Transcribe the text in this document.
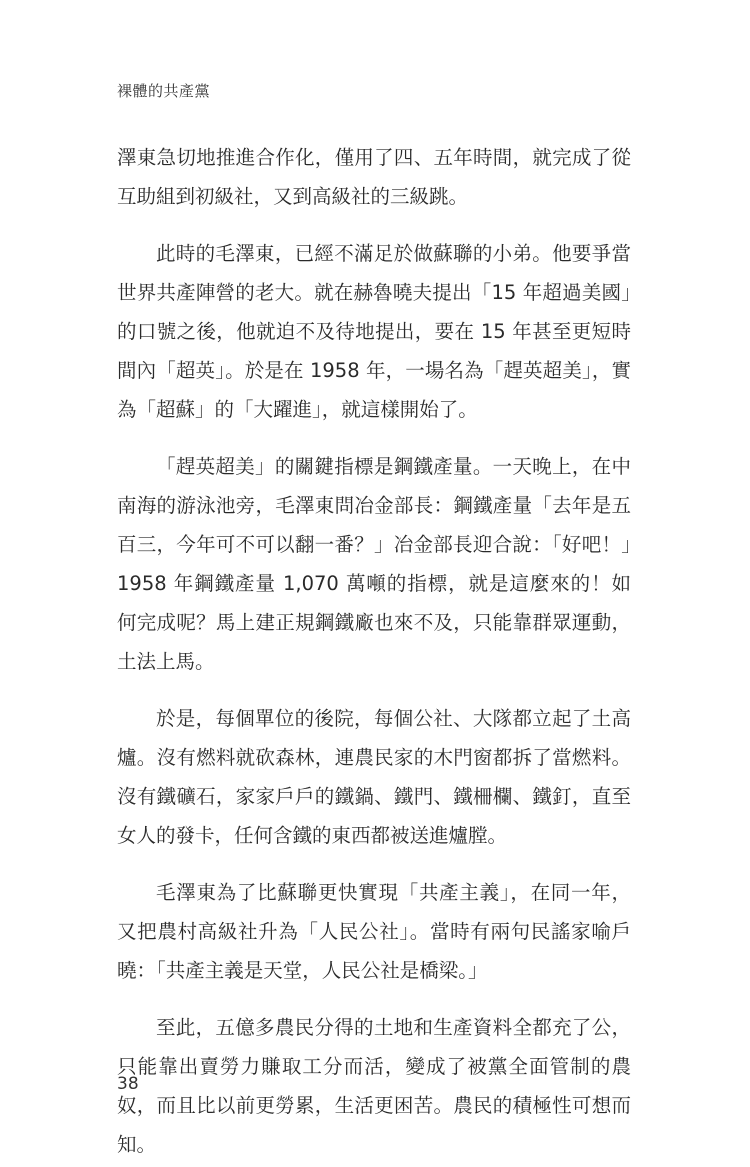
裸體的共產黨

澤東急切地推進合作化，僅用了四、五年時間，就完成了從互助組到初級社，又到高級社的三級跳。

此時的毛澤東，已經不滿足於做蘇聯的小弟。他要爭當世界共產陣營的老大。就在赫魯曉夫提出「15 年超過美國」的口號之後，他就迫不及待地提出，要在 15 年甚至更短時間內「超英」。於是在 1958 年，一場名為「趕英超美」，實為「超蘇」的「大躍進」，就這樣開始了。

「趕英超美」的關鍵指標是鋼鐵產量。一天晚上，在中南海的游泳池旁，毛澤東問冶金部長：鋼鐵產量「去年是五百三，今年可不可以翻一番？」冶金部長迎合說：「好吧！」1958 年鋼鐵產量 1,070 萬噸的指標，就是這麼來的！如何完成呢？馬上建正規鋼鐵廠也來不及，只能靠群眾運動，土法上馬。

於是，每個單位的後院，每個公社、大隊都立起了土高爐。沒有燃料就砍森林，連農民家的木門窗都拆了當燃料。沒有鐵礦石，家家戶戶的鐵鍋、鐵門、鐵柵欄、鐵釘，直至女人的發卡，任何含鐵的東西都被送進爐膛。

毛澤東為了比蘇聯更快實現「共產主義」，在同一年，又把農村高級社升為「人民公社」。當時有兩句民謠家喻戶曉：「共產主義是天堂，人民公社是橋梁。」

至此，五億多農民分得的土地和生產資料全都充了公，只能靠出賣勞力賺取工分而活，變成了被黨全面管制的農奴，而且比以前更勞累，生活更困苦。農民的積極性可想而知。

38
